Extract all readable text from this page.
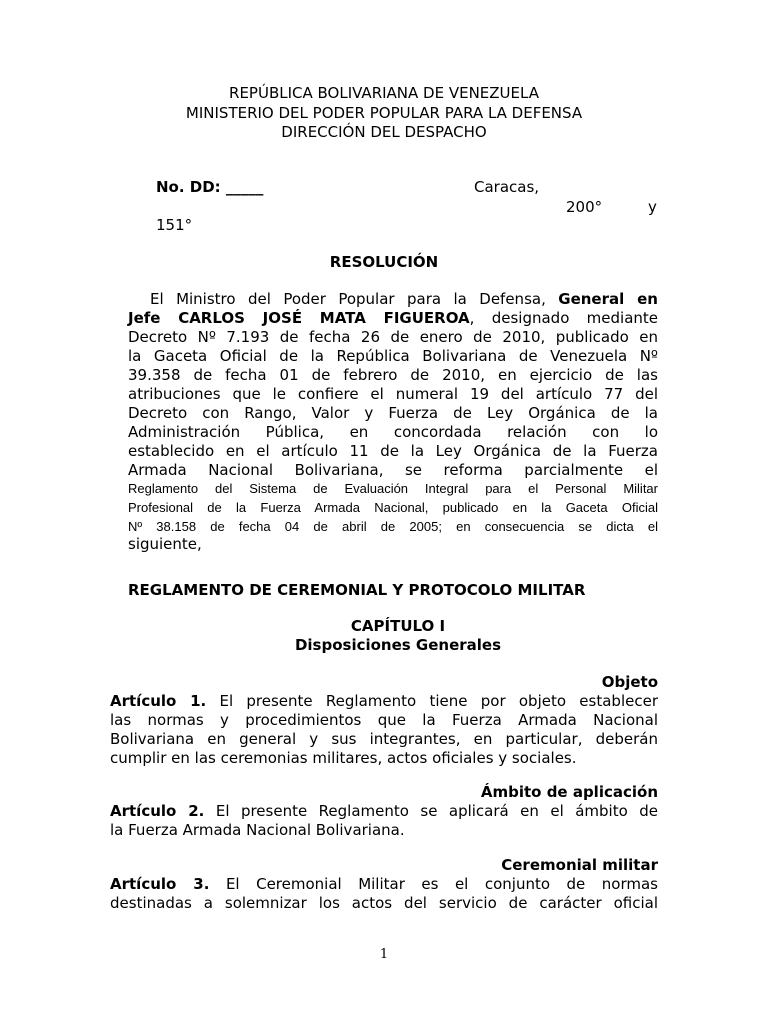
REPÚBLICA BOLIVARIANA DE VENEZUELA
MINISTERIO DEL PODER POPULAR PARA LA DEFENSA
DIRECCIÓN DEL DESPACHO
No. DD: _____	Caracas,
200°	y
151°
RESOLUCIÓN
El Ministro del Poder Popular para la Defensa, General en
Jefe CARLOS JOSÉ MATA FIGUEROA, designado mediante
Decreto Nº 7.193 de fecha 26 de enero de 2010, publicado en
la Gaceta Oficial de la República Bolivariana de Venezuela Nº
39.358 de fecha 01 de febrero de 2010, en ejercicio de las
atribuciones que le confiere el numeral 19 del artículo 77 del
Decreto con Rango, Valor y Fuerza de Ley Orgánica de la
Administración Pública, en concordada relación con lo
establecido en el artículo 11 de la Ley Orgánica de la Fuerza
Armada Nacional Bolivariana, se reforma parcialmente el
Reglamento del Sistema de Evaluación Integral para el Personal Militar
Profesional de la Fuerza Armada Nacional, publicado en la Gaceta Oficial
Nº 38.158 de fecha 04 de abril de 2005; en consecuencia se dicta el
siguiente,
REGLAMENTO DE CEREMONIAL Y PROTOCOLO MILITAR
CAPÍTULO I
Disposiciones Generales
Objeto
Artículo 1. El presente Reglamento tiene por objeto establecer
las normas y procedimientos que la Fuerza Armada Nacional
Bolivariana en general y sus integrantes, en particular, deberán
cumplir en las ceremonias militares, actos oficiales y sociales.
Ámbito de aplicación
Artículo 2. El presente Reglamento se aplicará en el ámbito de
la Fuerza Armada Nacional Bolivariana.
Ceremonial militar
Artículo 3. El Ceremonial Militar es el conjunto de normas
destinadas a solemnizar los actos del servicio de carácter oficial
1
